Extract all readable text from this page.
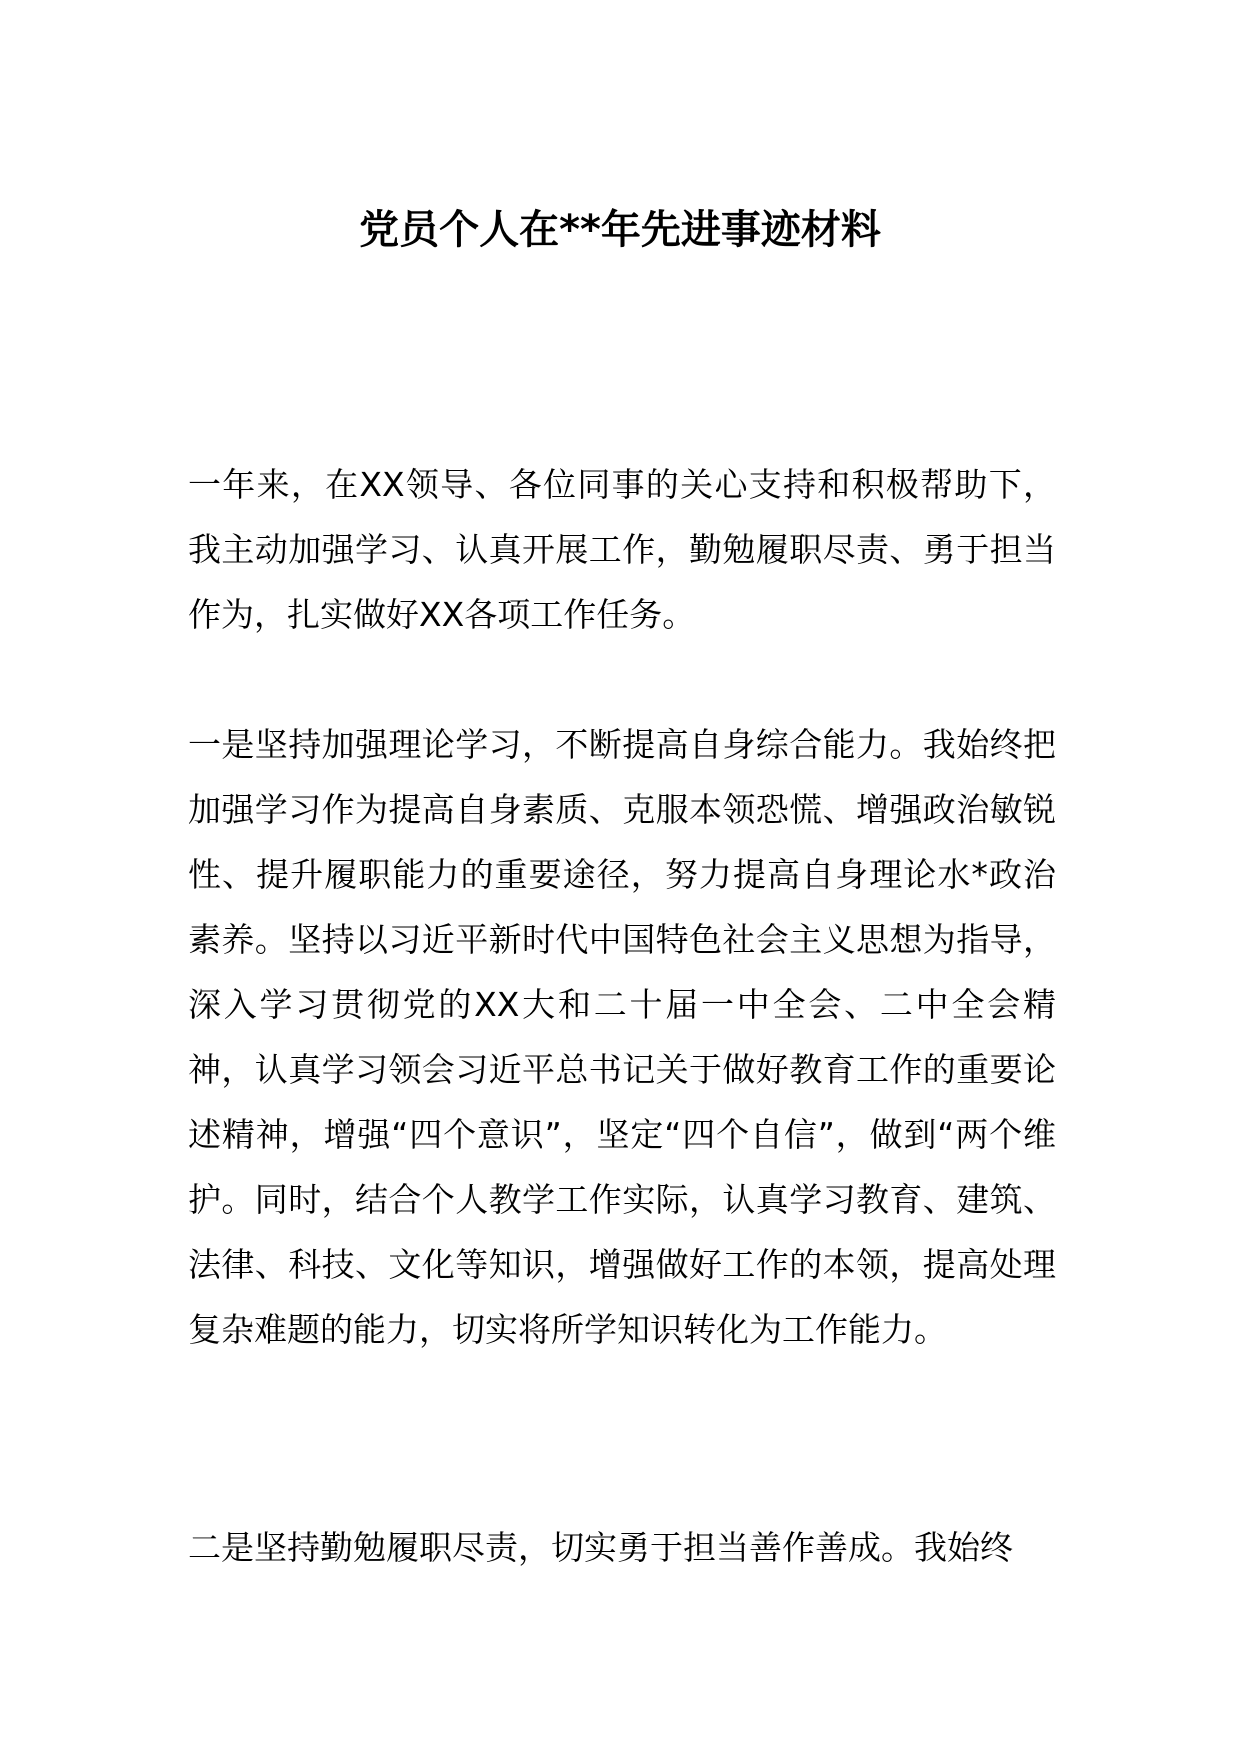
党员个人在**年先进事迹材料

一年来，在XX领导、各位同事的关心支持和积极帮助下，我主动加强学习、认真开展工作，勤勉履职尽责、勇于担当作为，扎实做好XX各项工作任务。

一是坚持加强理论学习，不断提高自身综合能力。我始终把加强学习作为提高自身素质、克服本领恐慌、增强政治敏锐性、提升履职能力的重要途径，努力提高自身理论水*政治素养。坚持以习近平新时代中国特色社会主义思想为指导，深入学习贯彻党的XX大和二十届一中全会、二中全会精神，认真学习领会习近平总书记关于做好教育工作的重要论述精神，增强“四个意识”，坚定“四个自信”，做到“两个维护。同时，结合个人教学工作实际，认真学习教育、建筑、法律、科技、文化等知识，增强做好工作的本领，提高处理复杂难题的能力，切实将所学知识转化为工作能力。

二是坚持勤勉履职尽责，切实勇于担当善作善成。我始终
